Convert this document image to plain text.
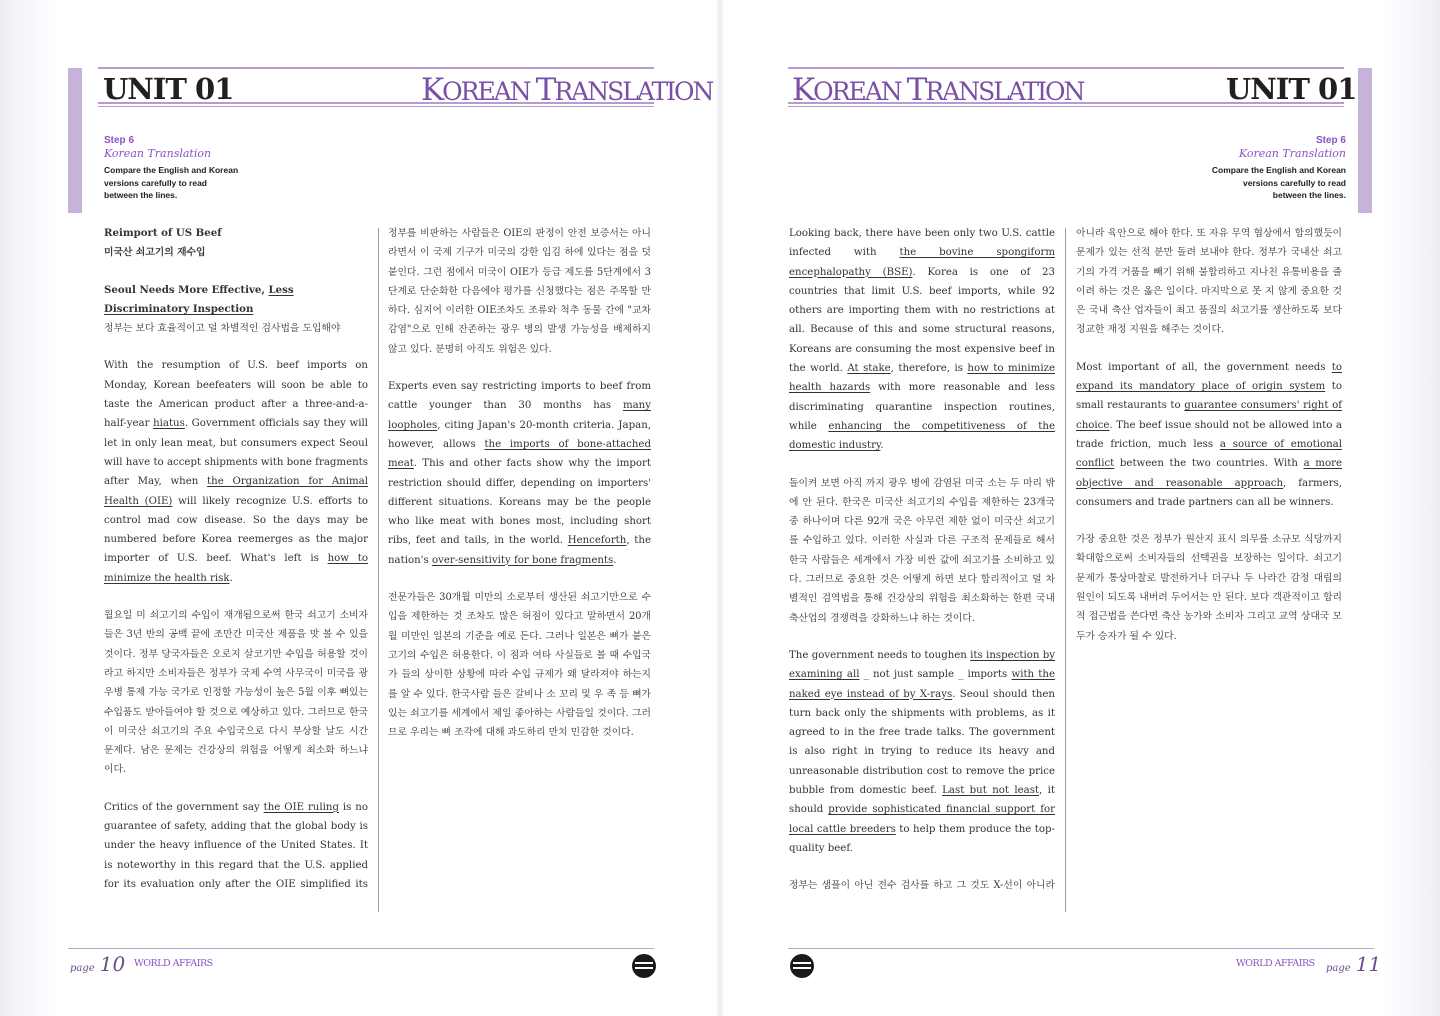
UNIT 01	KOREAN TRANSLATION
Step 6
Korean Translation
Compare the English and Korean
versions carefully to read
between the lines.
Reimport of US Beef
미국산 쇠고기의 재수입
Seoul Needs More Effective, Less
Discriminatory Inspection

정부는 보다 효율적이고 덜 차별적인 검사법을 도입해야

With the resumption of U.S. beef imports on Monday, Korean beefeaters will soon be able to taste the American product after a three-and-a-half-year hiatus. Government officials say they will let in only lean meat, but consumers expect Seoul will have to accept shipments with bone fragments after May, when the Organization for Animal Health (OIE) will likely recognize U.S. efforts to control mad cow disease. So the days may be numbered before Korea reemerges as the major importer of U.S. beef. What's left is how to minimize the health risk.

월요일 미 쇠고기의 수입이 재개됨으로써 한국 쇠고기 소비자들은 3년 반의 공백 끝에 조만간 미국산 제품을 맛 볼 수 있을 것이다. 정부 당국자들은 오로지 살코기만 수입을 허용할 것이라고 하지만 소비자들은 정부가 국제 수역 사무국이 미국을 광우병 통제 가능 국가로 인정할 가능성이 높은 5월 이후 뼈있는 수입품도 받아들여야 할 것으로 예상하고 있다. 그러므로 한국이 미국산 쇠고기의 주요 수입국으로 다시 부상할 날도 시간 문제다. 남은 문제는 건강상의 위험을 어떻게 최소화 하느냐 이다.

Critics of the government say the OIE ruling is no guarantee of safety, adding that the global body is under the heavy influence of the United States. It is noteworthy in this regard that the U.S. applied for its evaluation only after the OIE simplified its

정부를 비판하는 사람들은 OIE의 판정이 안전 보증서는 아니라면서 이 국제 기구가 미국의 강한 입김 하에 있다는 점을 덧붙인다. 그런 점에서 미국이 OIE가 등급 제도를 5단계에서 3단계로 단순화한 다음에야 평가를 신청했다는 점은 주목할 만 하다. 심지어 이러한 OIE조차도 조류와 척추 동물 간에 "교차 감염"으로 인해 잔존하는 광우 병의 발생 가능성을 배제하지 않고 있다. 분명히 아직도 위험은 있다.

Experts even say restricting imports to beef from cattle younger than 30 months has many loopholes, citing Japan's 20-month criteria. Japan, however, allows the imports of bone-attached meat. This and other facts show why the import restriction should differ, depending on importers' different situations. Koreans may be the people who like meat with bones most, including short ribs, feet and tails, in the world. Henceforth, the nation's over-sensitivity for bone fragments.

전문가들은 30개월 미만의 소로부터 생산된 쇠고기만으로 수입을 제한하는 것 조차도 많은 허점이 있다고 말하면서 20개월 미만인 일본의 기준을 예로 든다. 그러나 일본은 뼈가 붙은 고기의 수입은 허용한다. 이 점과 여타 사실들로 볼 때 수입국가 들의 상이한 상황에 따라 수입 규제가 왜 달라져야 하는지를 알 수 있다. 한국사람 들은 갈비나 소 꼬리 및 우 족 등 뼈가 있는 쇠고기를 세계에서 제일 좋아하는 사람들일 것이다. 그러므로 우리는 뼈 조각에 대해 과도하리 만치 민감한 것이다.

page 10 WORLD AFFAIRS
KOREAN TRANSLATION	UNIT 01
Step 6
Korean Translation
Compare the English and Korean
versions carefully to read
between the lines.

Looking back, there have been only two U.S. cattle infected with the bovine spongiform encephalopathy (BSE). Korea is one of 23 countries that limit U.S. beef imports, while 92 others are importing them with no restrictions at all. Because of this and some structural reasons, Koreans are consuming the most expensive beef in the world. At stake, therefore, is how to minimize health hazards with more reasonable and less discriminating quarantine inspection routines, while enhancing the competitiveness of the domestic industry.

돌이켜 보면 아직 까지 광우 병에 감염된 미국 소는 두 마리 밖에 안 된다. 한국은 미국산 쇠고기의 수입을 제한하는 23개국 중 하나이며 다른 92개 국은 아무런 제한 없이 미국산 쇠고기를 수입하고 있다. 이러한 사실과 다른 구조적 문제들로 해서 한국 사람들은 세계에서 가장 비싼 값에 쇠고기를 소비하고 있다. 그러므로 중요한 것은 어떻게 하면 보다 합리적이고 덜 차별적인 검역법을 통해 건강상의 위험을 최소화하는 한편 국내 축산업의 경쟁력을 강화하느냐 하는 것이다.

The government needs to toughen its inspection by examining all _ not just sample _ imports with the naked eye instead of by X-rays. Seoul should then turn back only the shipments with problems, as it agreed to in the free trade talks. The government is also right in trying to reduce its heavy and unreasonable distribution cost to remove the price bubble from domestic beef. Last but not least, it should provide sophisticated financial support for local cattle breeders to help them produce the top-quality beef.

정부는 샘플이 아닌 전수 검사를 하고 그 것도 X-선이 아니라

아니라 육안으로 해야 한다. 또 자유 무역 협상에서 합의했듯이 문제가 있는 선적 분만 돌려 보내야 한다. 정부가 국내산 쇠고기의 가격 거품을 빼기 위해 불합리하고 지나친 유통비용을 줄이려 하는 것은 옳은 일이다. 마지막으로 못 지 않게 중요한 것은 국내 축산 업자들이 최고 품질의 쇠고기를 생산하도록 보다 정교한 재정 지원을 해주는 것이다.

Most important of all, the government needs to expand its mandatory place of origin system to small restaurants to guarantee consumers' right of choice. The beef issue should not be allowed into a trade friction, much less a source of emotional conflict between the two countries. With a more objective and reasonable approach, farmers, consumers and trade partners can all be winners.

가장 중요한 것은 정부가 원산지 표시 의무를 소규모 식당까지 확대함으로써 소비자들의 선택권을 보장하는 일이다. 쇠고기 문제가 통상마찰로 발전하거나 더구나 두 나라간 감정 대립의 원인이 되도록 내버려 두어서는 안 된다. 보다 객관적이고 합리적 접근법을 쓴다면 축산 농가와 소비자 그리고 교역 상대국 모두가 승자가 될 수 있다.

WORLD AFFAIRS page 11
